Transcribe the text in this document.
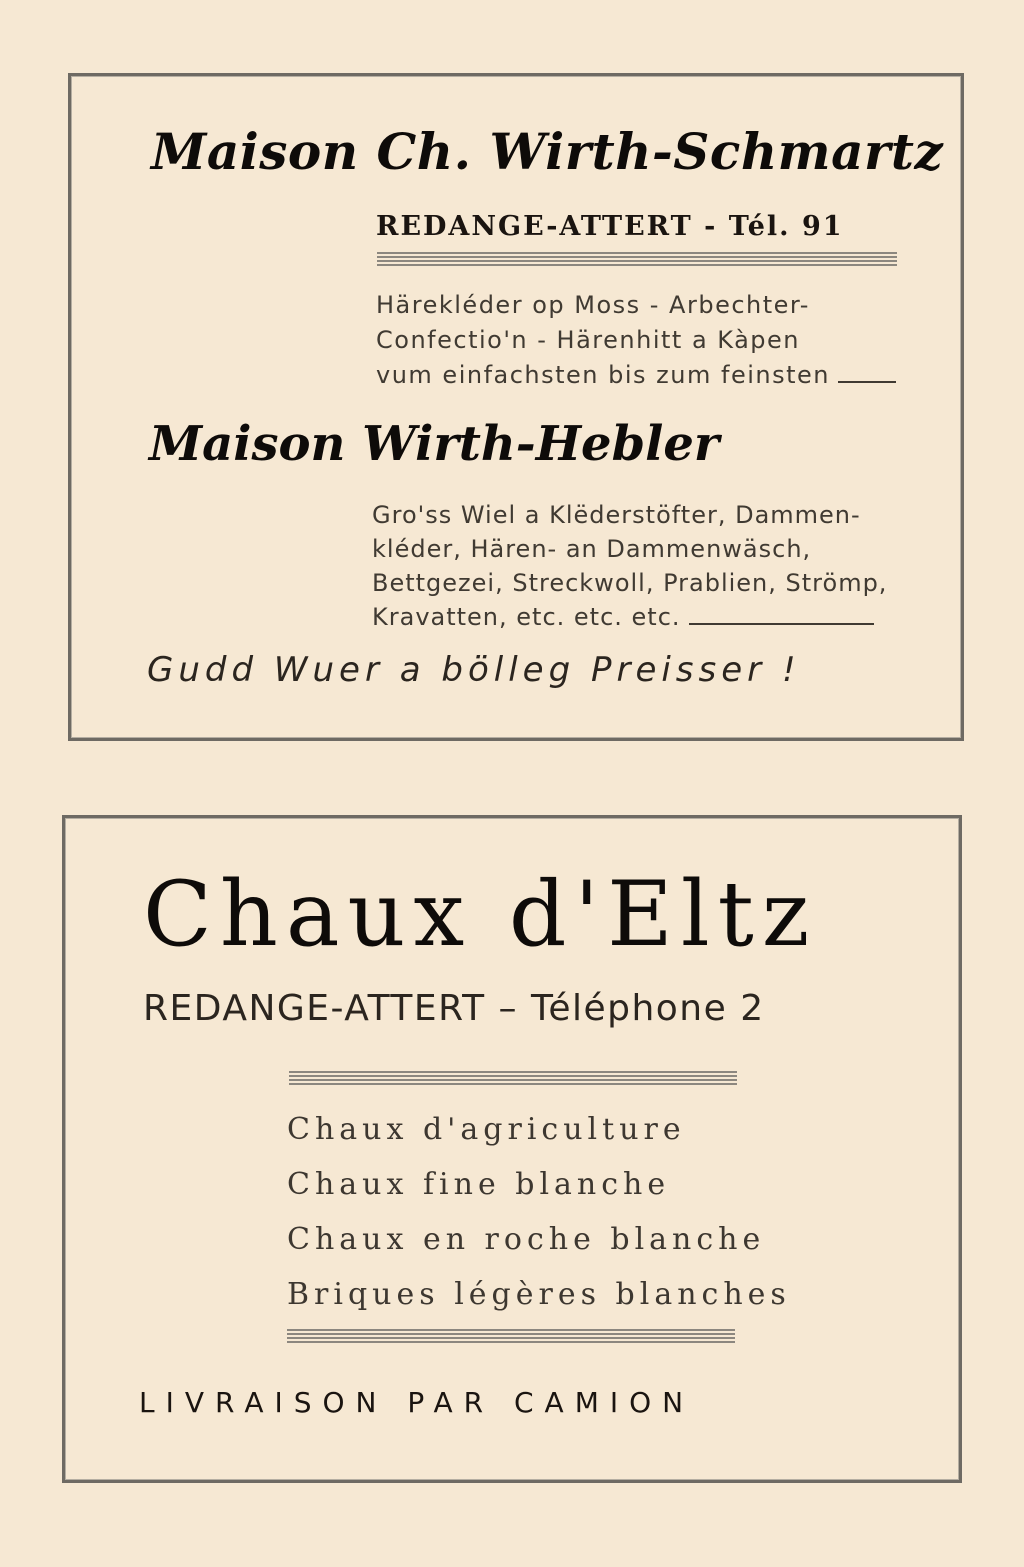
Maison Ch. Wirth-Schmartz
REDANGE-ATTERT - Tél. 91
Härekléder op Moss - Arbechter-
Confectio'n - Härenhitt a Kàpen
vum einfachsten bis zum feinsten
Maison Wirth-Hebler
Gro'ss Wiel a Klëderstöfter, Dammen-
kléder, Hären- an Dammenwäsch,
Bettgezei, Streckwoll, Prablien, Strömp,
Kravatten, etc. etc. etc.
Gudd Wuer a bölleg Preisser !
Chaux d'Eltz
REDANGE-ATTERT – Téléphone 2
Chaux d'agriculture
Chaux fine blanche
Chaux en roche blanche
Briques légères blanches
LIVRAISON PAR CAMION
